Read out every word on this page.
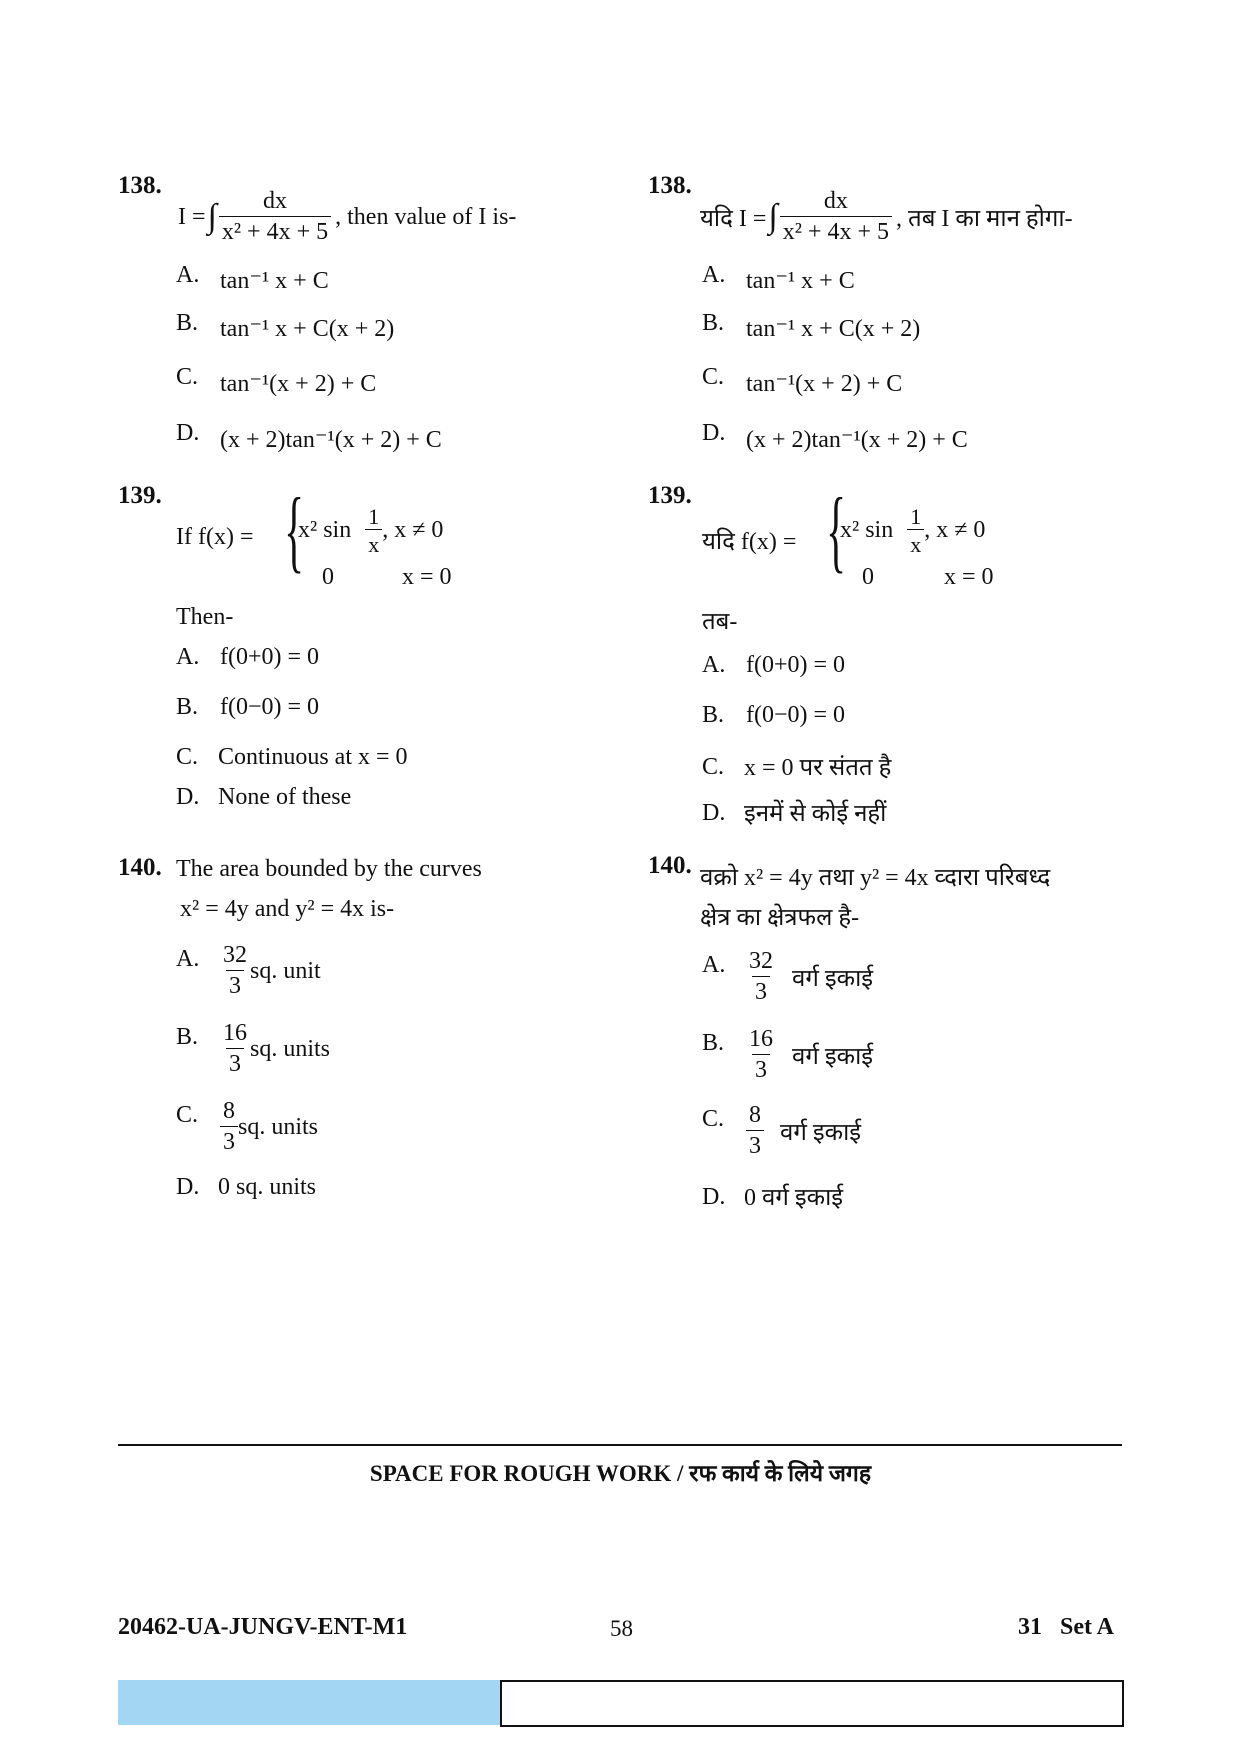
138.
I = ∫ $\frac{dx}{\text{x² + 4x + 5}}$ , then value of I is-
A. tan⁻¹ x + C
B. tan⁻¹ x + C(x + 2)
C. tan⁻¹(x + 2) + C
D. (x + 2)tan⁻¹(x + 2) + C
139.
If f(x) = {
x² $\sin \frac{1}{x}$ , x ≠ 0
0	x = 0
Then-
A. f(0+0) = 0
B. f(0−0) = 0
C. Continuous at x = 0
D. None of these
140. The area bounded by the curves
x² = 4y and y² = 4x is-
A. $\frac{32}{3}$ sq. unit
B. $\frac{16}{3}$ sq. units
C. $\frac{8}{3}$ sq. units
D. 0 sq. units
138.
यदि I = ∫ $\frac{dx}{\text{x² + 4x + 5}}$ , तब I का मान होगा-
A. tan⁻¹ x + C
B. tan⁻¹ x + C(x + 2)
C. tan⁻¹(x + 2) + C
D. (x + 2)tan⁻¹(x + 2) + C
139.
यदि f(x) = {
x² $\sin \frac{1}{x}$ , x ≠ 0
0	x = 0
तब-
A. f(0+0) = 0
B. f(0−0) = 0
C. x = 0 पर संतत है
D. इनमें से कोई नहीं
140. वक्रो x² = 4y तथा y² = 4x व्दारा परिबध्द
क्षेत्र का क्षेत्रफल है-
A. $\frac{32}{3}$ वर्ग इकाई
B. $\frac{16}{3}$ वर्ग इकाई
C. $\frac{8}{3}$ वर्ग इकाई
D. 0 वर्ग इकाई
SPACE FOR ROUGH WORK / रफ कार्य के लिये जगह
20462-UA-JUNGV-ENT-M1	58	31   Set A
